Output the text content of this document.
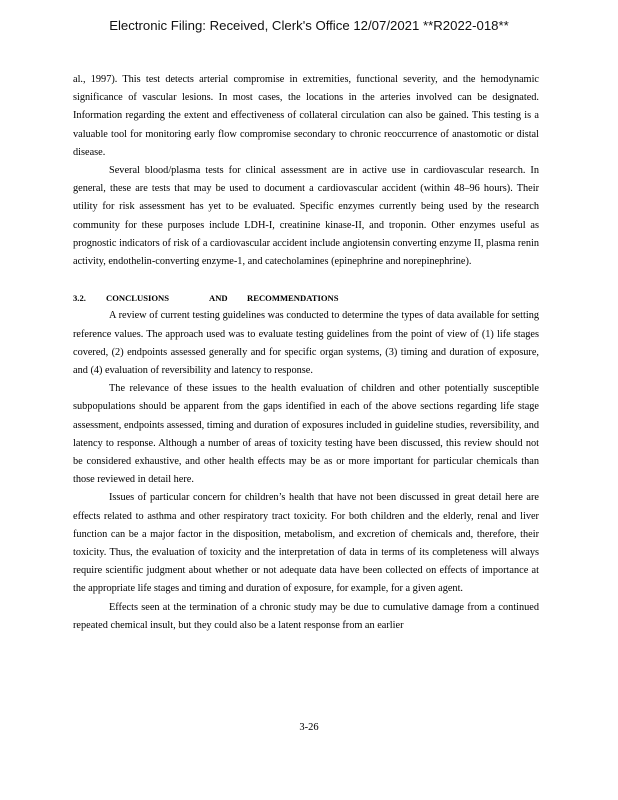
Electronic Filing: Received, Clerk's Office 12/07/2021 **R2022-018**

al., 1997). This test detects arterial compromise in extremities, functional severity, and the hemodynamic significance of vascular lesions. In most cases, the locations in the arteries involved can be designated. Information regarding the extent and effectiveness of collateral circulation can also be gained. This testing is a valuable tool for monitoring early flow compromise secondary to chronic reoccurrence of anastomotic or distal disease.

Several blood/plasma tests for clinical assessment are in active use in cardiovascular research. In general, these are tests that may be used to document a cardiovascular accident (within 48–96 hours). Their utility for risk assessment has yet to be evaluated. Specific enzymes currently being used by the research community for these purposes include LDH-I, creatinine kinase-II, and troponin. Other enzymes useful as prognostic indicators of risk of a cardiovascular accident include angiotensin converting enzyme II, plasma renin activity, endothelin-converting enzyme-1, and catecholamines (epinephrine and norepinephrine).

3.2.	CONCLUSIONS	AND	RECOMMENDATIONS

A review of current testing guidelines was conducted to determine the types of data available for setting reference values. The approach used was to evaluate testing guidelines from the point of view of (1) life stages covered, (2) endpoints assessed generally and for specific organ systems, (3) timing and duration of exposure, and (4) evaluation of reversibility and latency to response.

The relevance of these issues to the health evaluation of children and other potentially susceptible subpopulations should be apparent from the gaps identified in each of the above sections regarding life stage assessment, endpoints assessed, timing and duration of exposures included in guideline studies, reversibility, and latency to response. Although a number of areas of toxicity testing have been discussed, this review should not be considered exhaustive, and other health effects may be as or more important for particular chemicals than those reviewed in detail here.

Issues of particular concern for children’s health that have not been discussed in great detail here are effects related to asthma and other respiratory tract toxicity. For both children and the elderly, renal and liver function can be a major factor in the disposition, metabolism, and excretion of chemicals and, therefore, their toxicity. Thus, the evaluation of toxicity and the interpretation of data in terms of its completeness will always require scientific judgment about whether or not adequate data have been collected on effects of importance at the appropriate life stages and timing and duration of exposure, for example, for a given agent.

Effects seen at the termination of a chronic study may be due to cumulative damage from a continued repeated chemical insult, but they could also be a latent response from an earlier

3-26
